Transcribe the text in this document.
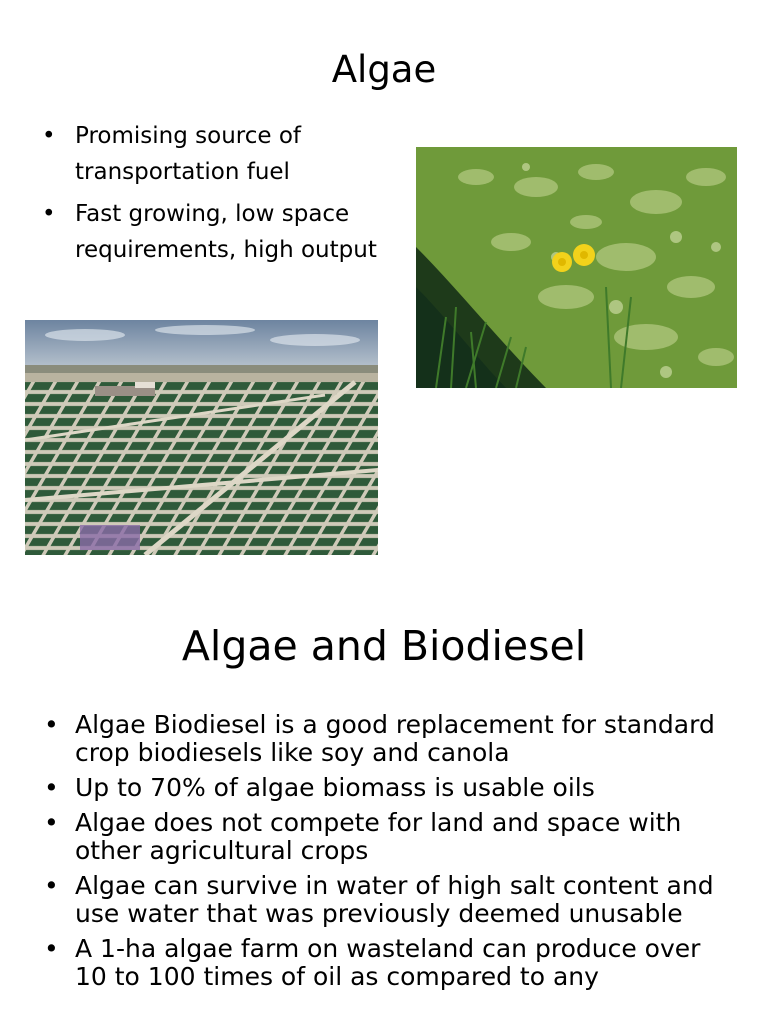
Algae
• Promising source of transportation fuel
• Fast growing, low space requirements, high output
Algae and Biodiesel
• Algae Biodiesel is a good replacement for standard crop biodiesels like soy and canola
• Up to 70% of algae biomass is usable oils
• Algae does not compete for land and space with other agricultural crops
• Algae can survive in water of high salt content and use water that was previously deemed unusable
• A 1-ha algae farm on wasteland can produce over 10 to 100 times of oil as compared to any
